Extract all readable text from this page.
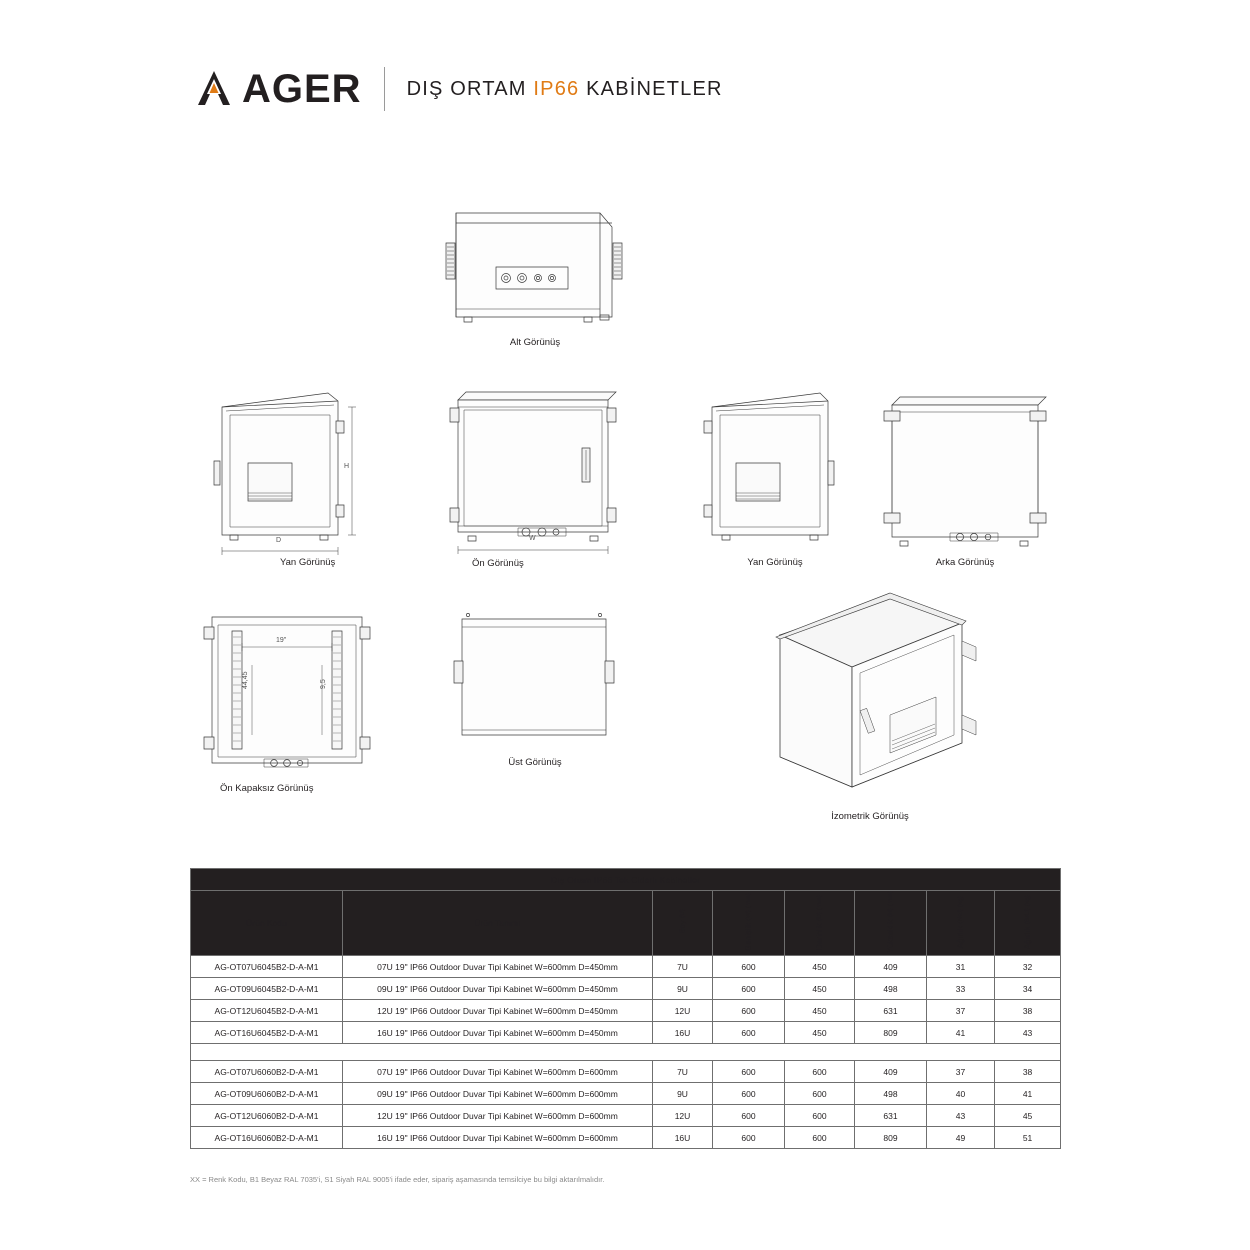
AGER DIŞ ORTAM IP66 KABİNETLER
Alt Görünüş
H
D
Yan Görünüş
W
Ön Görünüş	Yan Görünüş	Arka Görünüş
19"
44,45	9,5
Ön Kapaksız Görünüş
Üst Görünüş
İzometrik Görünüş
Dış Ortam IP66 Tek Cidarlı Kabinetler							
Ürün Kodu	Ürün Tanımı	Boy (U)	Genişlik (W) (mm)	Derinlik (D) (mm)	Yükseklik (H) (mm)	Ağırlık (Net) (kg)	Ağırlık (Brüt) (kg)
AG-OT07U6045B2-D-A-M1	07U 19" IP66 Outdoor Duvar Tipi Kabinet W=600mm D=450mm	7U	600	450	409	31	32
AG-OT09U6045B2-D-A-M1	09U 19" IP66 Outdoor Duvar Tipi Kabinet W=600mm D=450mm	9U	600	450	498	33	34
AG-OT12U6045B2-D-A-M1	12U 19" IP66 Outdoor Duvar Tipi Kabinet W=600mm D=450mm	12U	600	450	631	37	38
AG-OT16U6045B2-D-A-M1	16U 19" IP66 Outdoor Duvar Tipi Kabinet W=600mm D=450mm	16U	600	450	809	41	43

AG-OT07U6060B2-D-A-M1	07U 19" IP66 Outdoor Duvar Tipi Kabinet W=600mm D=600mm	7U	600	600	409	37	38
AG-OT09U6060B2-D-A-M1	09U 19" IP66 Outdoor Duvar Tipi Kabinet W=600mm D=600mm	9U	600	600	498	40	41
AG-OT12U6060B2-D-A-M1	12U 19" IP66 Outdoor Duvar Tipi Kabinet W=600mm D=600mm	12U	600	600	631	43	45
AG-OT16U6060B2-D-A-M1	16U 19" IP66 Outdoor Duvar Tipi Kabinet W=600mm D=600mm	16U	600	600	809	49	51
XX = Renk Kodu, B1 Beyaz RAL 7035'i, S1 Siyah RAL 9005'i ifade eder, sipariş aşamasında temsilciye bu bilgi aktarılmalıdır.
